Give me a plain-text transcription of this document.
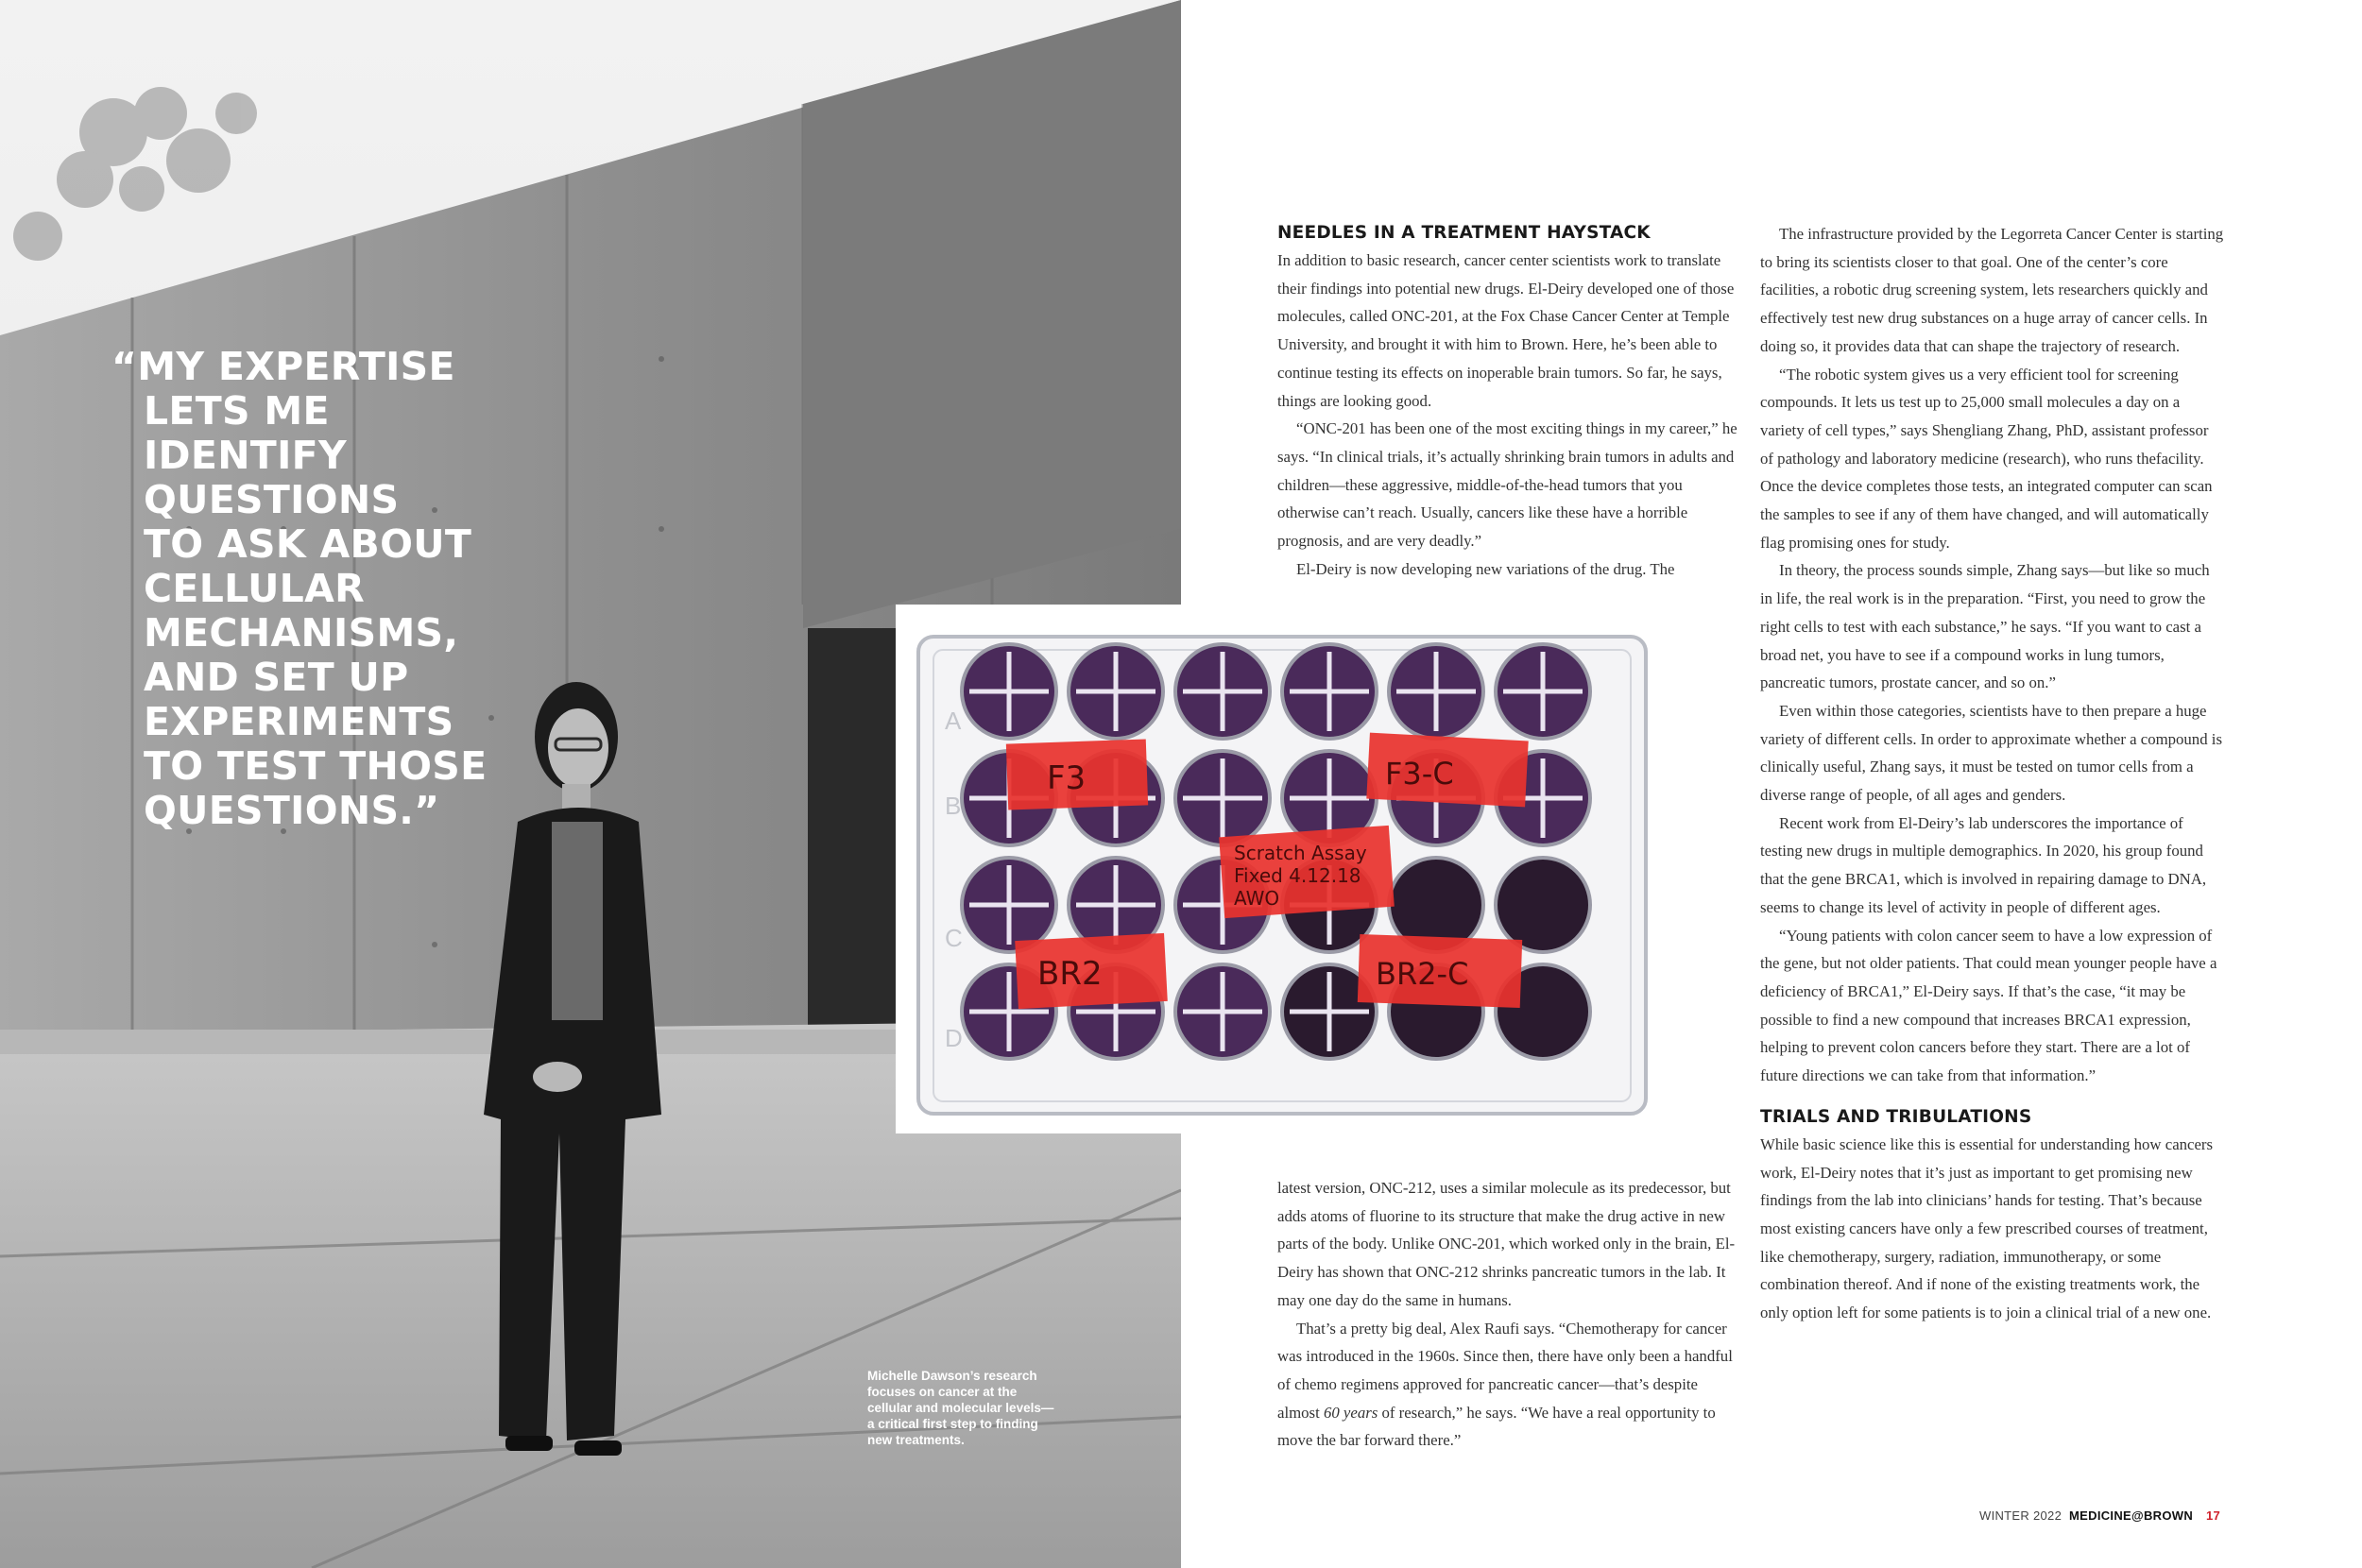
“MY EXPERTISE
LETS ME
IDENTIFY
QUESTIONS
TO ASK ABOUT
CELLULAR
MECHANISMS,
AND SET UP
EXPERIMENTS
TO TEST THOSE
QUESTIONS.”

Michelle Dawson’s research focuses on cancer at the cellular and molecular levels—a critical first step to finding new treatments.

A
B
C
D
F3	F3-C
BR2	BR2-C
Scratch Assay
Fixed 4.12.18
AWO
NEEDLES IN A TREATMENT HAYSTACK

In addition to basic research, cancer center scientists work to translate their findings into potential new drugs. El-Deiry developed one of those molecules, called ONC-201, at the Fox Chase Cancer Center at Temple University, and brought it with him to Brown. Here, he’s been able to continue testing its effects on inoperable brain tumors. So far, he says, things are looking good.

“ONC-201 has been one of the most exciting things in my career,” he says. “In clinical trials, it’s actually shrinking brain tumors in adults and children—these aggressive, middle-of-the-head tumors that you otherwise can’t reach. Usually, cancers like these have a horrible prognosis, and are very deadly.”

El-Deiry is now developing new variations of the drug. The

latest version, ONC-212, uses a similar molecule as its predecessor, but adds atoms of fluorine to its structure that make the drug active in new parts of the body. Unlike ONC-201, which worked only in the brain, El-Deiry has shown that ONC-212 shrinks pancreatic tumors in the lab. It may one day do the same in humans.

That’s a pretty big deal, Alex Raufi says. “Chemotherapy for cancer was introduced in the 1960s. Since then, there have only been a handful of chemo regimens approved for pancreatic cancer—that’s despite almost 60 years of research,” he says. “We have a real opportunity to move the bar forward there.”

The infrastructure provided by the Legorreta Cancer Center is starting to bring its scientists closer to that goal. One of the center’s core facilities, a robotic drug screening system, lets researchers quickly and effectively test new drug substances on a huge array of cancer cells. In doing so, it provides data that can shape the trajectory of research.

“The robotic system gives us a very efficient tool for screening compounds. It lets us test up to 25,000 small molecules a day on a variety of cell types,” says Shengliang Zhang, PhD, assistant professor of pathology and laboratory medicine (research), who runs thefacility. Once the device completes those tests, an integrated computer can scan the samples to see if any of them have changed, and will automatically flag promising ones for study.

In theory, the process sounds simple, Zhang says—but like so much in life, the real work is in the preparation. “First, you need to grow the right cells to test with each substance,” he says. “If you want to cast a broad net, you have to see if a compound works in lung tumors, pancreatic tumors, prostate cancer, and so on.”

Even within those categories, scientists have to then prepare a huge variety of different cells. In order to approximate whether a compound is clinically useful, Zhang says, it must be tested on tumor cells from a diverse range of people, of all ages and genders.

Recent work from El-Deiry’s lab underscores the importance of testing new drugs in multiple demographics. In 2020, his group found that the gene BRCA1, which is involved in repairing damage to DNA, seems to change its level of activity in people of different ages.

“Young patients with colon cancer seem to have a low expression of the gene, but not older patients. That could mean younger people have a deficiency of BRCA1,” El-Deiry says. If that’s the case, “it may be possible to find a new compound that increases BRCA1 expression, helping to prevent colon cancers before they start. There are a lot of future directions we can take from that information.”

TRIALS AND TRIBULATIONS

While basic science like this is essential for understanding how cancers work, El-Deiry notes that it’s just as important to get promising new findings from the lab into clinicians’ hands for testing. That’s because most existing cancers have only a few prescribed courses of treatment, like chemotherapy, surgery, radiation, immunotherapy, or some combination thereof. And if none of the existing treatments work, the only option left for some patients is to join a clinical trial of a new one.

WINTER 2022 MEDICINE@BROWN 17
